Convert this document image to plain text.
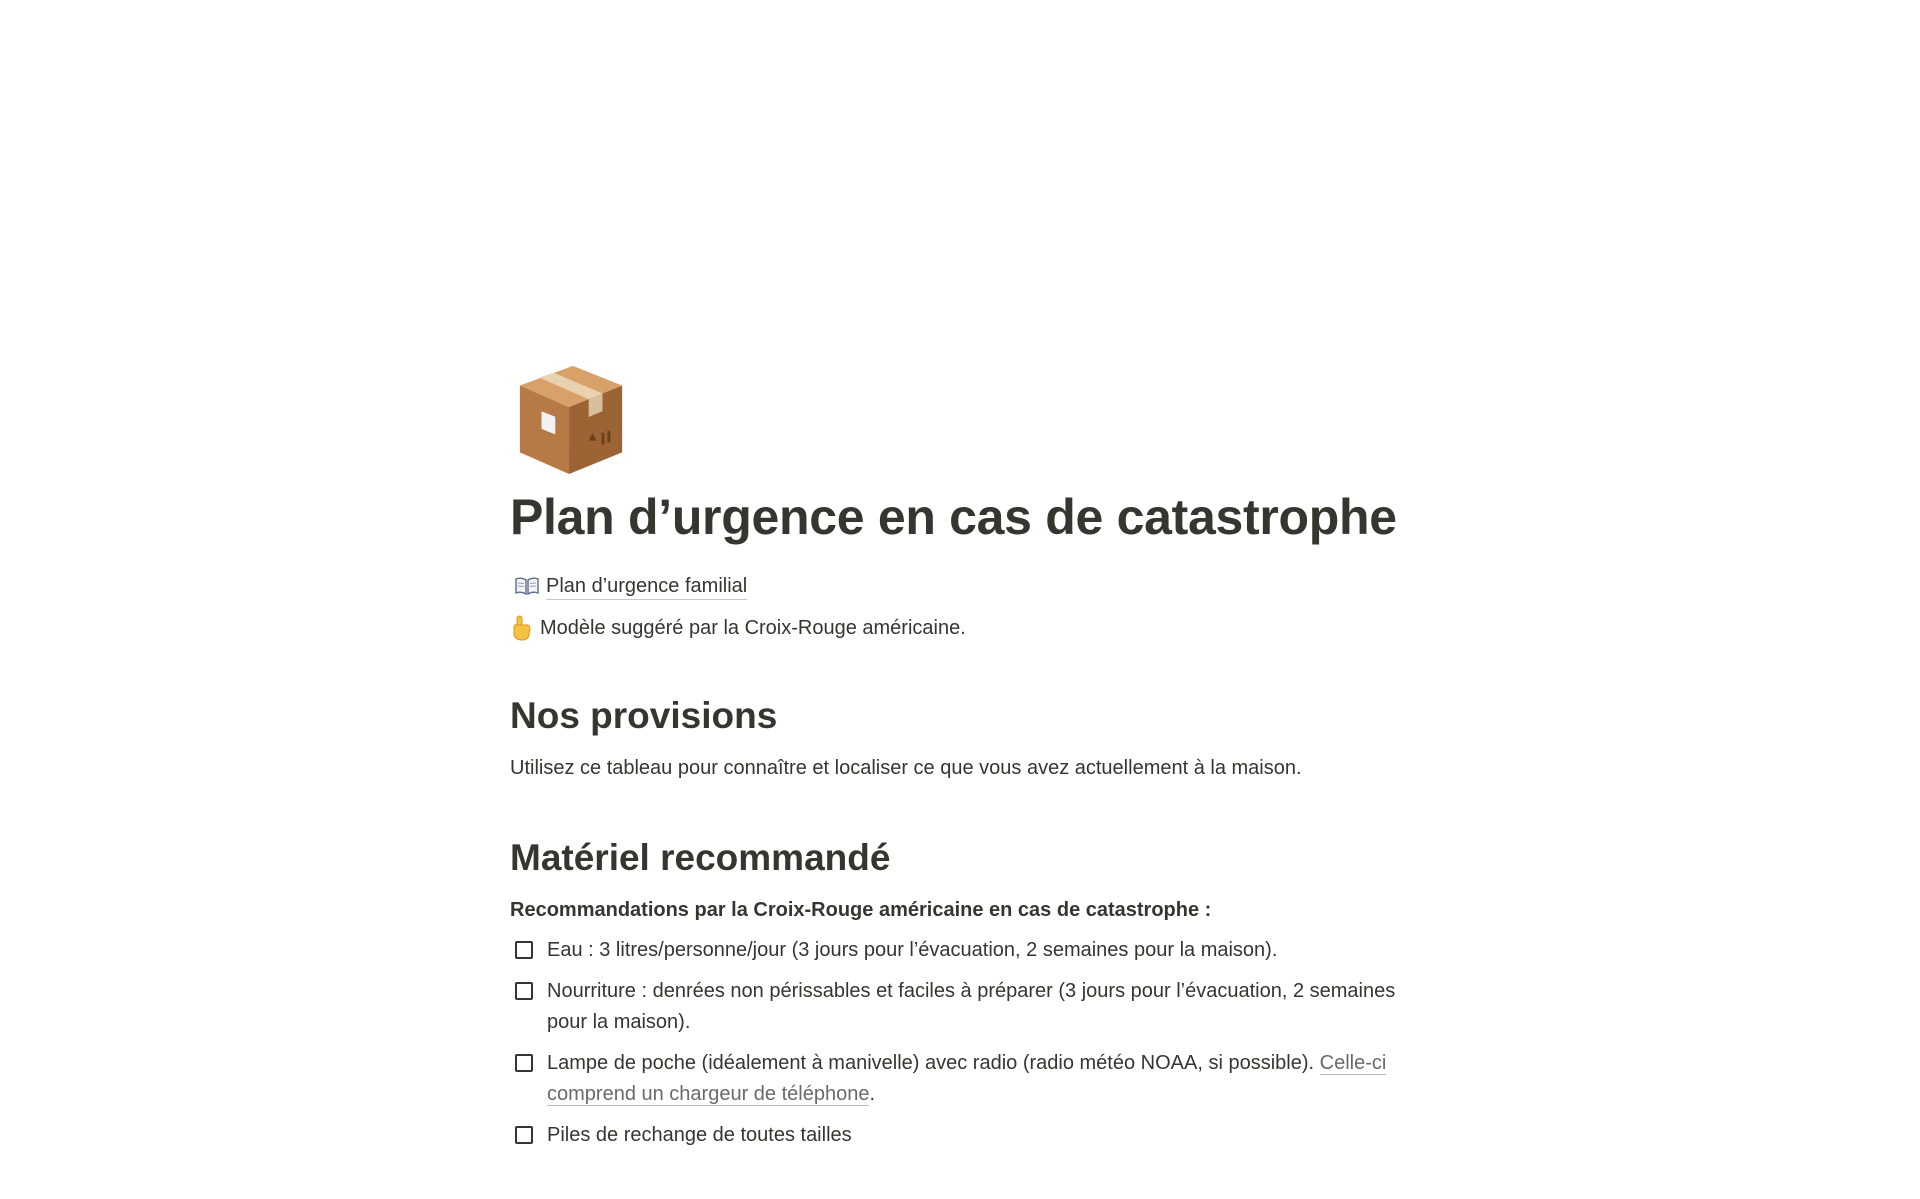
Plan d’urgence en cas de catastrophe
Plan d’urgence familial
Modèle suggéré par la Croix-Rouge américaine.
Nos provisions
Utilisez ce tableau pour connaître et localiser ce que vous avez actuellement à la maison.
Matériel recommandé
Recommandations par la Croix-Rouge américaine en cas de catastrophe :
Eau : 3 litres/personne/jour (3 jours pour l’évacuation, 2 semaines pour la maison).
Nourriture : denrées non périssables et faciles à préparer (3 jours pour l’évacuation, 2 semaines pour la maison).
Lampe de poche (idéalement à manivelle) avec radio (radio météo NOAA, si possible). Celle-ci comprend un chargeur de téléphone.
Piles de rechange de toutes tailles
